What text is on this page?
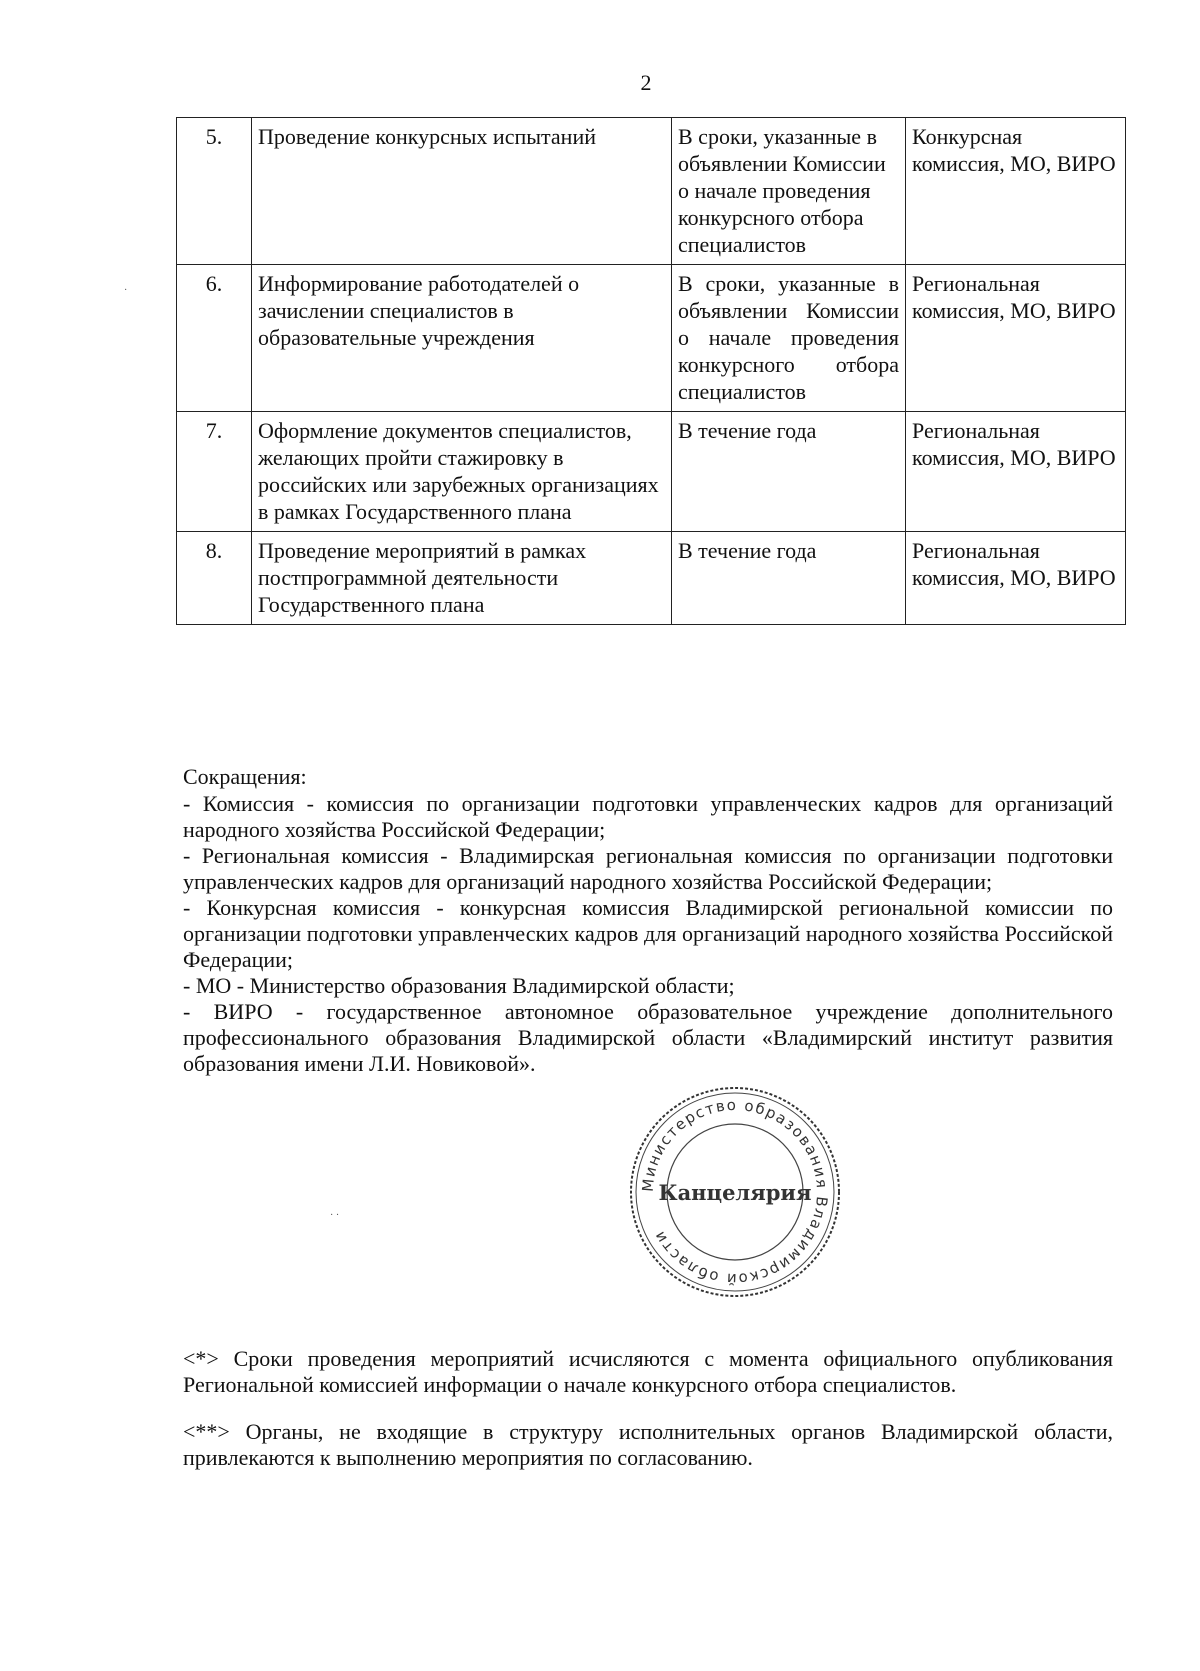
2
5.	Проведение конкурсных испытаний	В сроки, указанные в объявлении Комиссии о начале проведения конкурсного отбора специалистов	Конкурсная комиссия, МО, ВИРО
6.	Информирование работодателей о зачислении специалистов в образовательные учреждения	В сроки, указанные в объявлении Комиссии о начале проведения конкурсного отбора специалистов	Региональная комиссия, МО, ВИРО
7.	Оформление документов специалистов, желающих пройти стажировку в российских или зарубежных организациях в рамках Государственного плана	В течение года	Региональная комиссия, МО, ВИРО
8.	Проведение мероприятий в рамках постпрограммной деятельности Государственного плана	В течение года	Региональная комиссия, МО, ВИРО

Сокращения:

- Комиссия - комиссия по организации подготовки управленческих кадров для организаций народного хозяйства Российской Федерации;

- Региональная комиссия - Владимирская региональная комиссия по организации подготовки управленческих кадров для организаций народного хозяйства Российской Федерации;

- Конкурсная комиссия - конкурсная комиссия Владимирской региональной комиссии по организации подготовки управленческих кадров для организаций народного хозяйства Российской Федерации;

- МО - Министерство образования Владимирской области;

- ВИРО - государственное автономное образовательное учреждение дополнительного профессионального образования Владимирской области «Владимирский институт развития образования имени Л.И. Новиковой».

Министерство образования Владимирской области
Канцелярия
·
· ·

<*> Сроки проведения мероприятий исчисляются с момента официального опубликования Региональной комиссией информации о начале конкурсного отбора специалистов.

<**> Органы, не входящие в структуру исполнительных органов Владимирской области, привлекаются к выполнению мероприятия по согласованию.
